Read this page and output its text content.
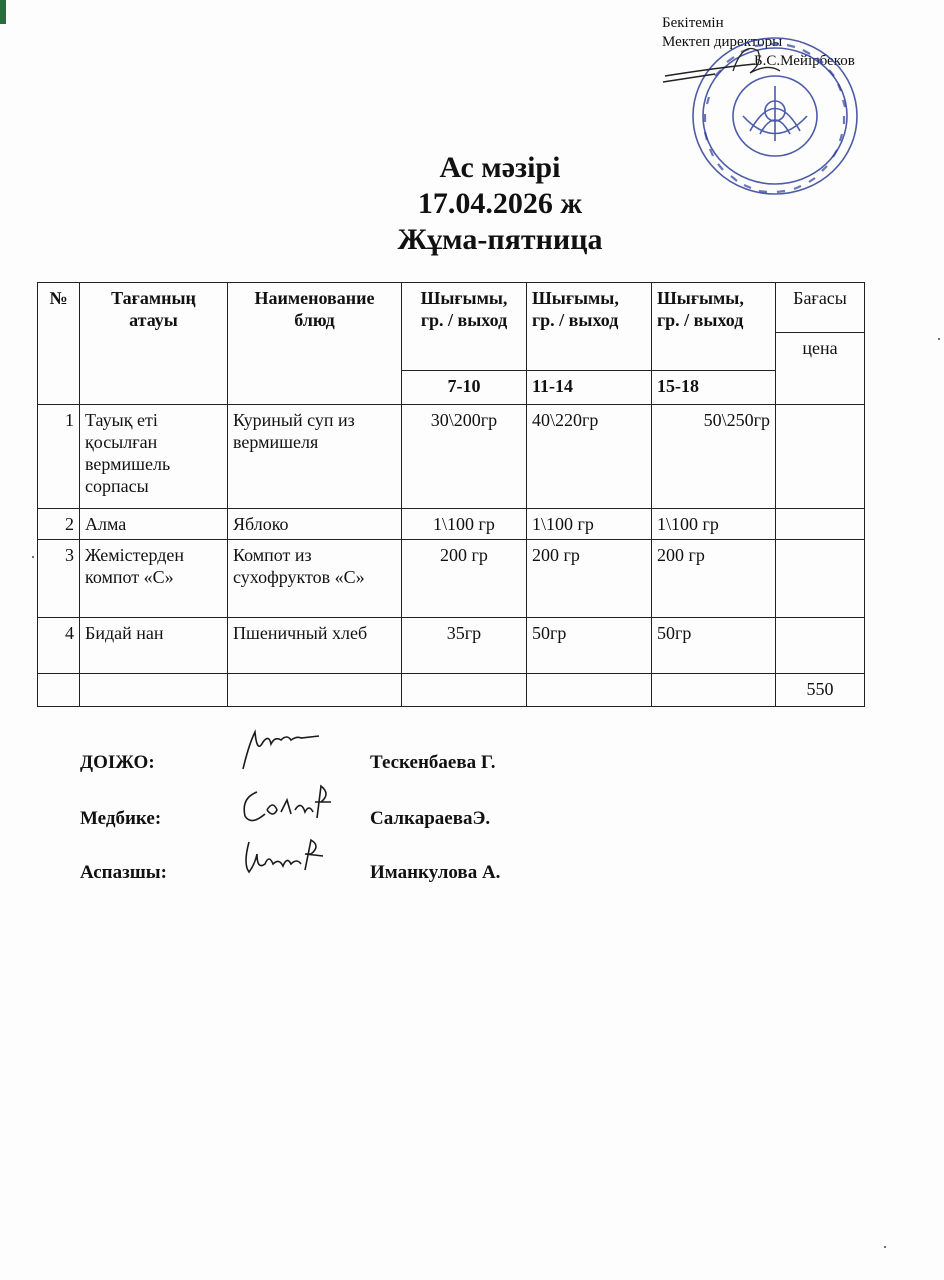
Бекітемін
Мектеп директоры
Б.С.Мейірбеков
Ас мәзірі
17.04.2026 ж
Жұма-пятница
№	Тағамның атауы	Наименование блюд	Шығымы, гр. / выход	Шығымы, гр. / выход	Шығымы, гр. / выход	Бағасы
						цена
			7-10	11-14	15-18	
1	Тауық еті қосылған вермишель сорпасы	Куриный суп из вермишеля	30\200гр	40\220гр	50\250гр	
2	Алма	Яблоко	1\100 гр	1\100 гр	1\100 гр	
3	Жемістерден компот «С»	Компот из сухофруктов «С»	200 гр	200 гр	200 гр	
4	Бидай нан	Пшеничный хлеб	35гр	50гр	50гр	
						550
ДОІЖО:	Тескенбаева Г.
Медбике:	СалкараеваЭ.
Аспазшы:	Иманкулова А.
